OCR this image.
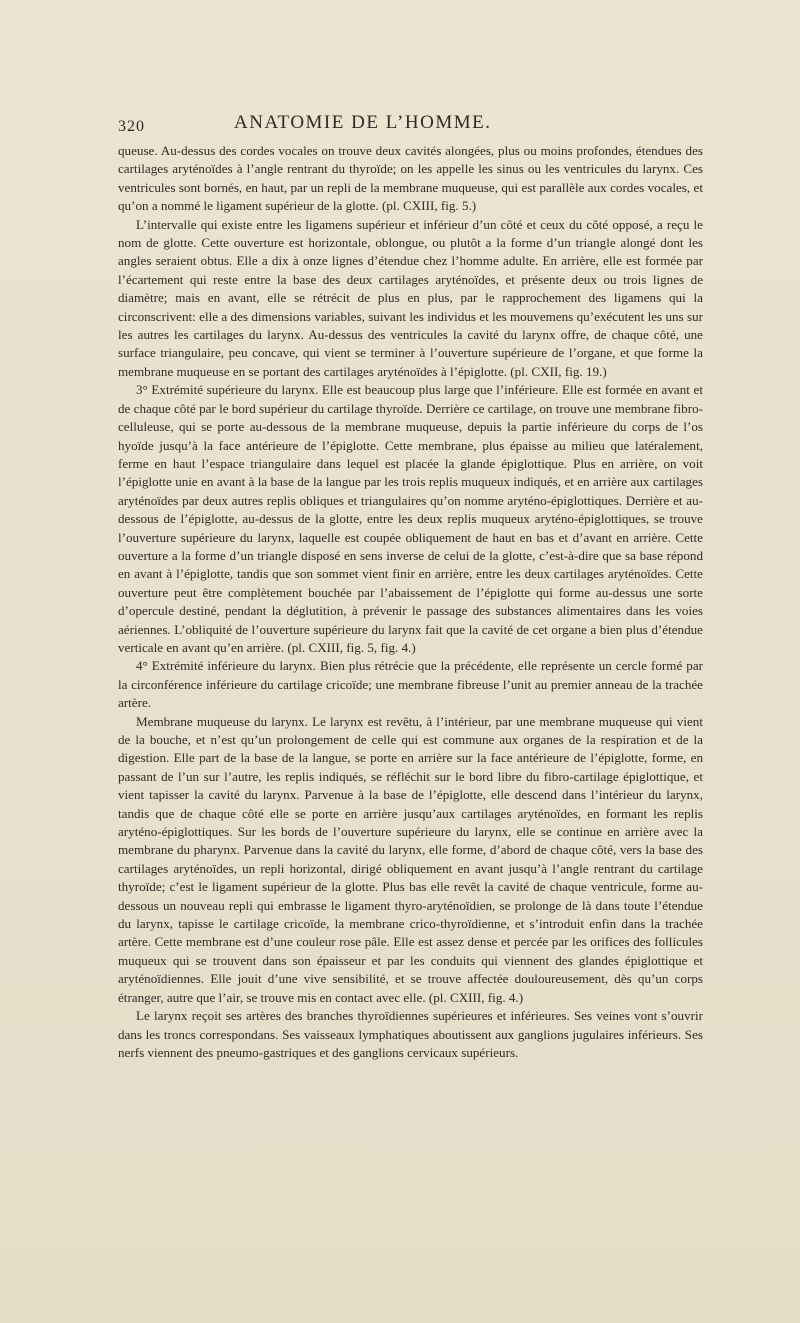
320	ANATOMIE DE L’HOMME.

queuse. Au-dessus des cordes vocales on trouve deux cavités alongées, plus ou moins profondes, étendues des cartilages aryténoïdes à l’angle rentrant du thyroïde; on les appelle les sinus ou les ventricules du larynx. Ces ventricules sont bornés, en haut, par un repli de la membrane muqueuse, qui est parallèle aux cordes vocales, et qu’on a nommé le ligament supérieur de la glotte. (pl. CXIII, fig. 5.)

L’intervalle qui existe entre les ligamens supérieur et inférieur d’un côté et ceux du côté opposé, a reçu le nom de glotte. Cette ouverture est horizontale, oblongue, ou plutôt a la forme d’un triangle alongé dont les angles seraient obtus. Elle a dix à onze lignes d’étendue chez l’homme adulte. En arrière, elle est formée par l’écartement qui reste entre la base des deux cartilages aryténoïdes, et présente deux ou trois lignes de diamètre; mais en avant, elle se rétrécit de plus en plus, par le rapprochement des ligamens qui la circonscrivent: elle a des dimensions variables, suivant les individus et les mouvemens qu’exécutent les uns sur les autres les cartilages du larynx. Au-dessus des ventricules la cavité du larynx offre, de chaque côté, une surface triangulaire, peu concave, qui vient se terminer à l’ouverture supérieure de l’organe, et que forme la membrane muqueuse en se portant des cartilages aryténoïdes à l’épiglotte. (pl. CXII, fig. 19.)

3° Extrémité supérieure du larynx. Elle est beaucoup plus large que l’inférieure. Elle est formée en avant et de chaque côté par le bord supérieur du cartilage thyroïde. Derrière ce cartilage, on trouve une membrane fibro-celluleuse, qui se porte au-dessous de la membrane muqueuse, depuis la partie inférieure du corps de l’os hyoïde jusqu’à la face antérieure de l’épiglotte. Cette membrane, plus épaisse au milieu que latéralement, ferme en haut l’espace triangulaire dans lequel est placée la glande épiglottique. Plus en arrière, on voit l’épiglotte unie en avant à la base de la langue par les trois replis muqueux indiqués, et en arrière aux cartilages aryténoïdes par deux autres replis obliques et triangulaires qu’on nomme aryténo-épiglottiques. Derrière et au-dessous de l’épiglotte, au-dessus de la glotte, entre les deux replis muqueux aryténo-épiglottiques, se trouve l’ouverture supérieure du larynx, laquelle est coupée obliquement de haut en bas et d’avant en arrière. Cette ouverture a la forme d’un triangle disposé en sens inverse de celui de la glotte, c’est-à-dire que sa base répond en avant à l’épiglotte, tandis que son sommet vient finir en arrière, entre les deux cartilages aryténoïdes. Cette ouverture peut être complètement bouchée par l’abaissement de l’épiglotte qui forme au-dessus une sorte d’opercule destiné, pendant la déglutition, à prévenir le passage des substances alimentaires dans les voies aériennes. L’obliquité de l’ouverture supérieure du larynx fait que la cavité de cet organe a bien plus d’étendue verticale en avant qu’en arrière. (pl. CXIII, fig. 5, fig. 4.)

4° Extrémité inférieure du larynx. Bien plus rétrécie que la précédente, elle représente un cercle formé par la circonférence inférieure du cartilage cricoïde; une membrane fibreuse l’unit au premier anneau de la trachée artère.

Membrane muqueuse du larynx. Le larynx est revêtu, à l’intérieur, par une membrane muqueuse qui vient de la bouche, et n’est qu’un prolongement de celle qui est commune aux organes de la respiration et de la digestion. Elle part de la base de la langue, se porte en arrière sur la face antérieure de l’épiglotte, forme, en passant de l’un sur l’autre, les replis indiqués, se réfléchit sur le bord libre du fibro-cartilage épiglottique, et vient tapisser la cavité du larynx. Parvenue à la base de l’épiglotte, elle descend dans l’intérieur du larynx, tandis que de chaque côté elle se porte en arrière jusqu’aux cartilages aryténoïdes, en formant les replis aryténo-épiglottiques. Sur les bords de l’ouverture supérieure du larynx, elle se continue en arrière avec la membrane du pharynx. Parvenue dans la cavité du larynx, elle forme, d’abord de chaque côté, vers la base des cartilages aryténoïdes, un repli horizontal, dirigé obliquement en avant jusqu’à l’angle rentrant du cartilage thyroïde; c’est le ligament supérieur de la glotte. Plus bas elle revêt la cavité de chaque ventricule, forme au-dessous un nouveau repli qui embrasse le ligament thyro-aryténoïdien, se prolonge de là dans toute l’étendue du larynx, tapisse le cartilage cricoïde, la membrane crico-thyroïdienne, et s’introduit enfin dans la trachée artère. Cette membrane est d’une couleur rose pâle. Elle est assez dense et percée par les orifices des follicules muqueux qui se trouvent dans son épaisseur et par les conduits qui viennent des glandes épiglottique et aryténoïdiennes. Elle jouit d’une vive sensibilité, et se trouve affectée douloureusement, dès qu’un corps étranger, autre que l’air, se trouve mis en contact avec elle. (pl. CXIII, fig. 4.)

Le larynx reçoit ses artères des branches thyroïdiennes supérieures et inférieures. Ses veines vont s’ouvrir dans les troncs correspondans. Ses vaisseaux lymphatiques aboutissent aux ganglions jugulaires inférieurs. Ses nerfs viennent des pneumo-gastriques et des ganglions cervicaux supérieurs.
